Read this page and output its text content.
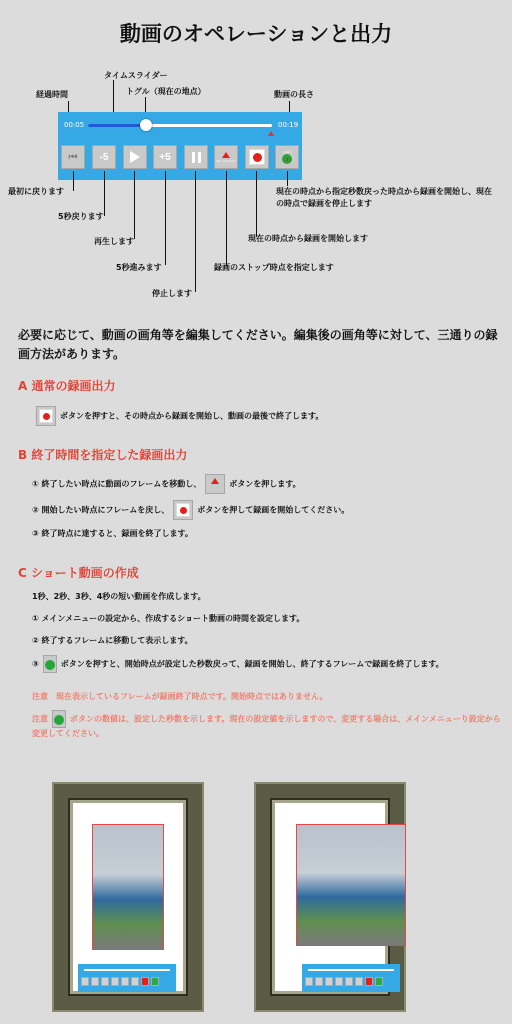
動画のオペレーションと出力
タイムスライダー
経過時間	トグル（現在の地点）	動画の長さ
00:05	00:19
⏮ -5	+5	Rec Stop Set
short
3
最初に戻ります
5秒戻ります
再生します
5秒進みます
停止します
録画のストップ時点を指定します
現在の時点から録画を開始します
現在の時点から指定秒数戻った時点から録画を開始し、現在の時点で録画を停止します
必要に応じて、動画の画角等を編集してください。編集後の画角等に対して、三通りの録画方法があります。
A 通常の録画出力
ボタンを押すと、その時点から録画を開始し、動画の最後で終了します。
B 終了時間を指定した録画出力
① 終了したい時点に動画のフレームを移動し、	ボタンを押します。
② 開始したい時点にフレームを戻し、	ボタンを押して録画を開始してください。
③ 終了時点に達すると、録画を終了します。
C ショート動画の作成
1秒、2秒、3秒、4秒の短い動画を作成します。
① メインメニューの設定から、作成するショート動画の時間を設定します。
② 終了するフレームに移動して表示します。
③	ボタンを押すと、開始時点が設定した秒数戻って、録画を開始し、終了するフレームで録画を終了します。
注意　現在表示しているフレームが録画終了時点です。開始時点ではありません。
注意	ボタンの数値は、設定した秒数を示します。現在の設定値を示しますので、変更する場合は、メインメニューり設定から変更してください。
